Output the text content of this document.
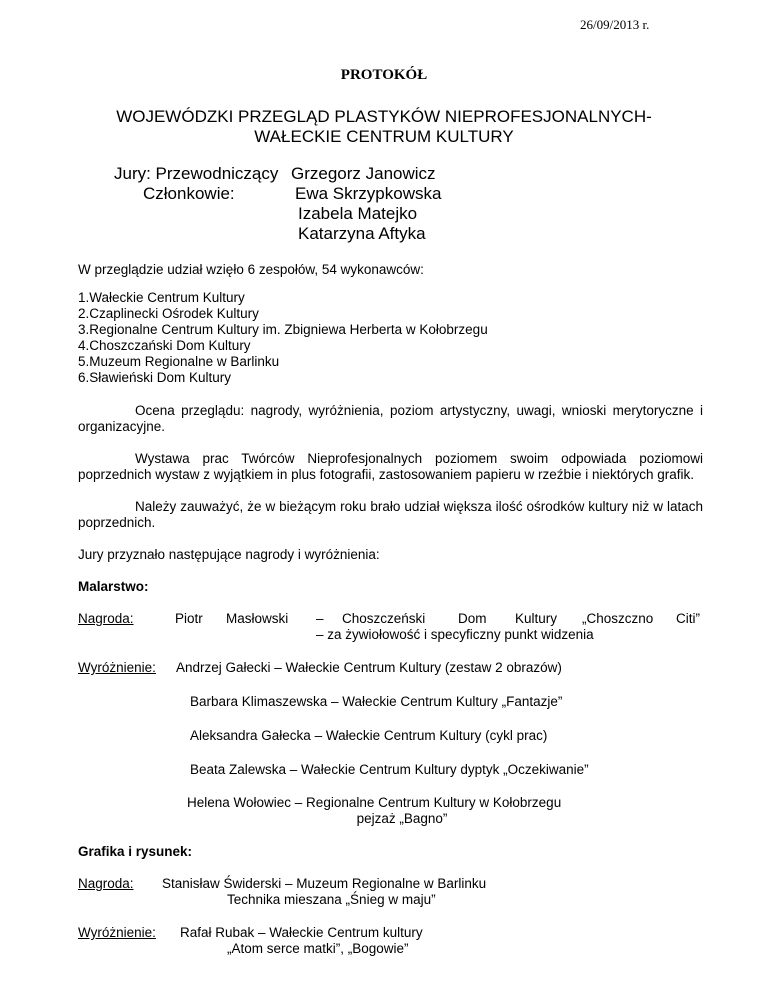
26/09/2013 r.
PROTOKÓŁ
WOJEWÓDZKI PRZEGLĄD PLASTYKÓW NIEPROFESJONALNYCH-
WAŁECKIE CENTRUM KULTURY
Jury: Przewodniczący
Członkowie:
Grzegorz Janowicz
Ewa Skrzypkowska
Izabela Matejko
Katarzyna Aftyka
W przeglądzie udział wzięło 6 zespołów, 54 wykonawców:
1.Wałeckie Centrum Kultury
2.Czaplinecki Ośrodek Kultury
3.Regionalne Centrum Kultury im. Zbigniewa Herberta w Kołobrzegu
4.Choszczański Dom Kultury
5.Muzeum Regionalne w Barlinku
6.Sławieński Dom Kultury
Ocena przeglądu: nagrody, wyróżnienia, poziom artystyczny, uwagi, wnioski merytoryczne i organizacyjne.
Wystawa prac Twórców Nieprofesjonalnych poziomem swoim odpowiada poziomowi poprzednich wystaw z wyjątkiem in plus fotografii, zastosowaniem papieru w rzeźbie i niektórych grafik.
Należy zauważyć, że w bieżącym roku brało udział większa ilość ośrodków kultury niż w latach poprzednich.
Jury przyznało następujące nagrody i wyróżnienia:
Malarstwo:
Nagroda:	Piotr Masłowski – Choszczeński Dom Kultury „Choszczno Citi”
– za żywiołowość i specyficzny punkt widzenia
Wyróżnienie: Andrzej Gałecki – Wałeckie Centrum Kultury (zestaw 2 obrazów)
Barbara Klimaszewska – Wałeckie Centrum Kultury „Fantazje”
Aleksandra Gałecka – Wałeckie Centrum Kultury (cykl prac)
Beata Zalewska – Wałeckie Centrum Kultury dyptyk „Oczekiwanie”
Helena Wołowiec – Regionalne Centrum Kultury w Kołobrzegu
pejzaż „Bagno”
Grafika i rysunek:
Nagroda: Stanisław Świderski – Muzeum Regionalne w Barlinku
Technika mieszana „Śnieg w maju”
Wyróżnienie: Rafał Rubak – Wałeckie Centrum kultury
„Atom serce matki”, „Bogowie”
